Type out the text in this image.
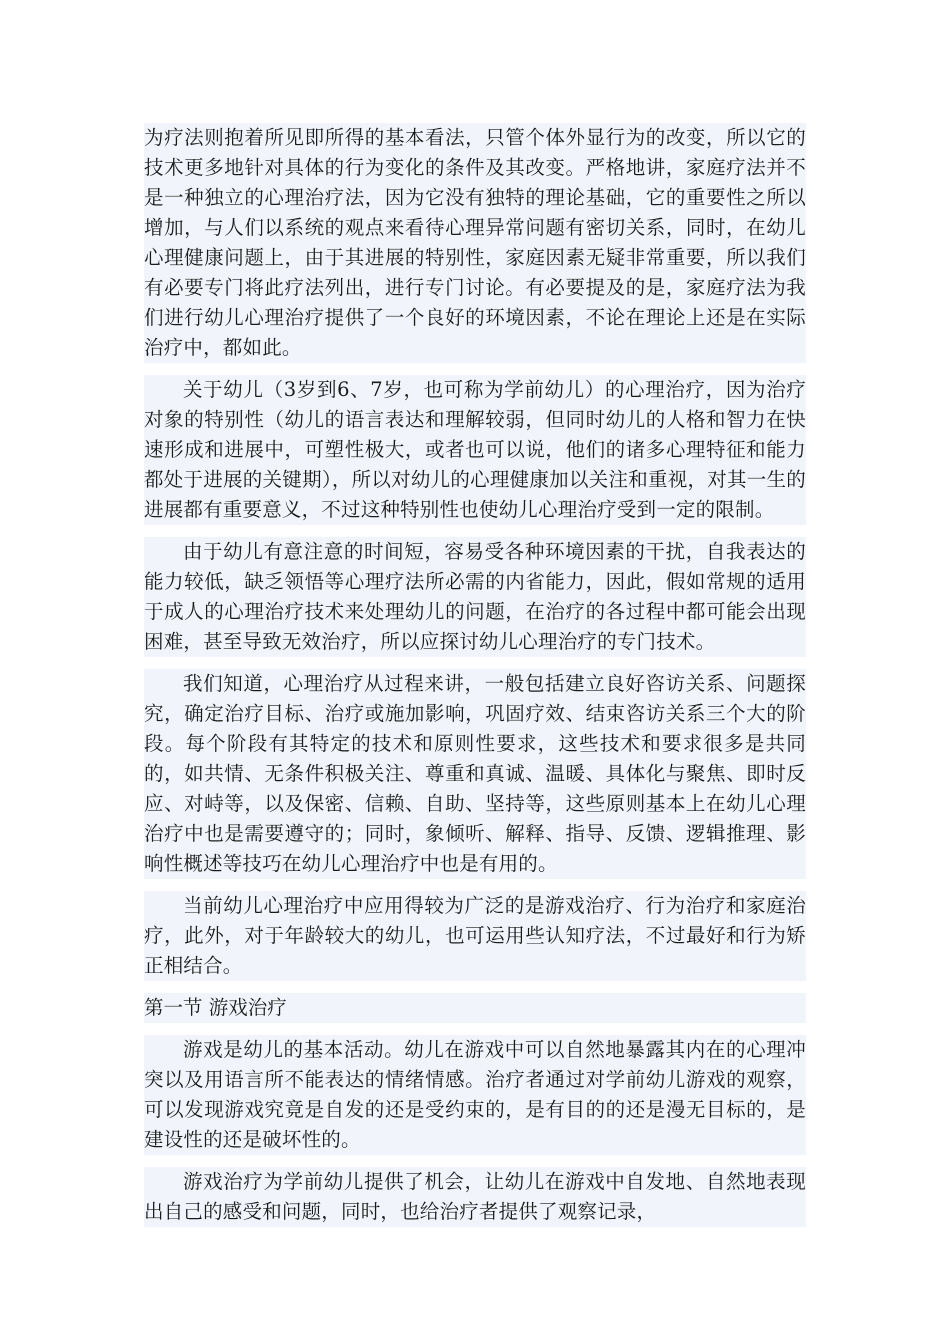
为疗法则抱着所见即所得的基本看法，只管个体外显行为的改变，所以它的技术更多地针对具体的行为变化的条件及其改变。严格地讲，家庭疗法并不是一种独立的心理治疗法，因为它没有独特的理论基础，它的重要性之所以增加，与人们以系统的观点来看待心理异常问题有密切关系，同时，在幼儿心理健康问题上，由于其进展的特别性，家庭因素无疑非常重要，所以我们有必要专门将此疗法列出，进行专门讨论。有必要提及的是，家庭疗法为我们进行幼儿心理治疗提供了一个良好的环境因素，不论在理论上还是在实际治疗中，都如此。

关于幼儿（3岁到6、7岁，也可称为学前幼儿）的心理治疗，因为治疗对象的特别性（幼儿的语言表达和理解较弱，但同时幼儿的人格和智力在快速形成和进展中，可塑性极大，或者也可以说，他们的诸多心理特征和能力都处于进展的关键期），所以对幼儿的心理健康加以关注和重视，对其一生的进展都有重要意义，不过这种特别性也使幼儿心理治疗受到一定的限制。

由于幼儿有意注意的时间短，容易受各种环境因素的干扰，自我表达的能力较低，缺乏领悟等心理疗法所必需的内省能力，因此，假如常规的适用于成人的心理治疗技术来处理幼儿的问题，在治疗的各过程中都可能会出现困难，甚至导致无效治疗，所以应探讨幼儿心理治疗的专门技术。

我们知道，心理治疗从过程来讲，一般包括建立良好咨访关系、问题探究，确定治疗目标、治疗或施加影响，巩固疗效、结束咨访关系三个大的阶段。每个阶段有其特定的技术和原则性要求，这些技术和要求很多是共同的，如共情、无条件积极关注、尊重和真诚、温暖、具体化与聚焦、即时反应、对峙等，以及保密、信赖、自助、坚持等，这些原则基本上在幼儿心理治疗中也是需要遵守的；同时，象倾听、解释、指导、反馈、逻辑推理、影响性概述等技巧在幼儿心理治疗中也是有用的。

当前幼儿心理治疗中应用得较为广泛的是游戏治疗、行为治疗和家庭治疗，此外，对于年龄较大的幼儿，也可运用些认知疗法，不过最好和行为矫正相结合。

第一节 游戏治疗

游戏是幼儿的基本活动。幼儿在游戏中可以自然地暴露其内在的心理冲突以及用语言所不能表达的情绪情感。治疗者通过对学前幼儿游戏的观察，可以发现游戏究竟是自发的还是受约束的，是有目的的还是漫无目标的，是建设性的还是破坏性的。

游戏治疗为学前幼儿提供了机会，让幼儿在游戏中自发地、自然地表现出自己的感受和问题，同时，也给治疗者提供了观察记录，
